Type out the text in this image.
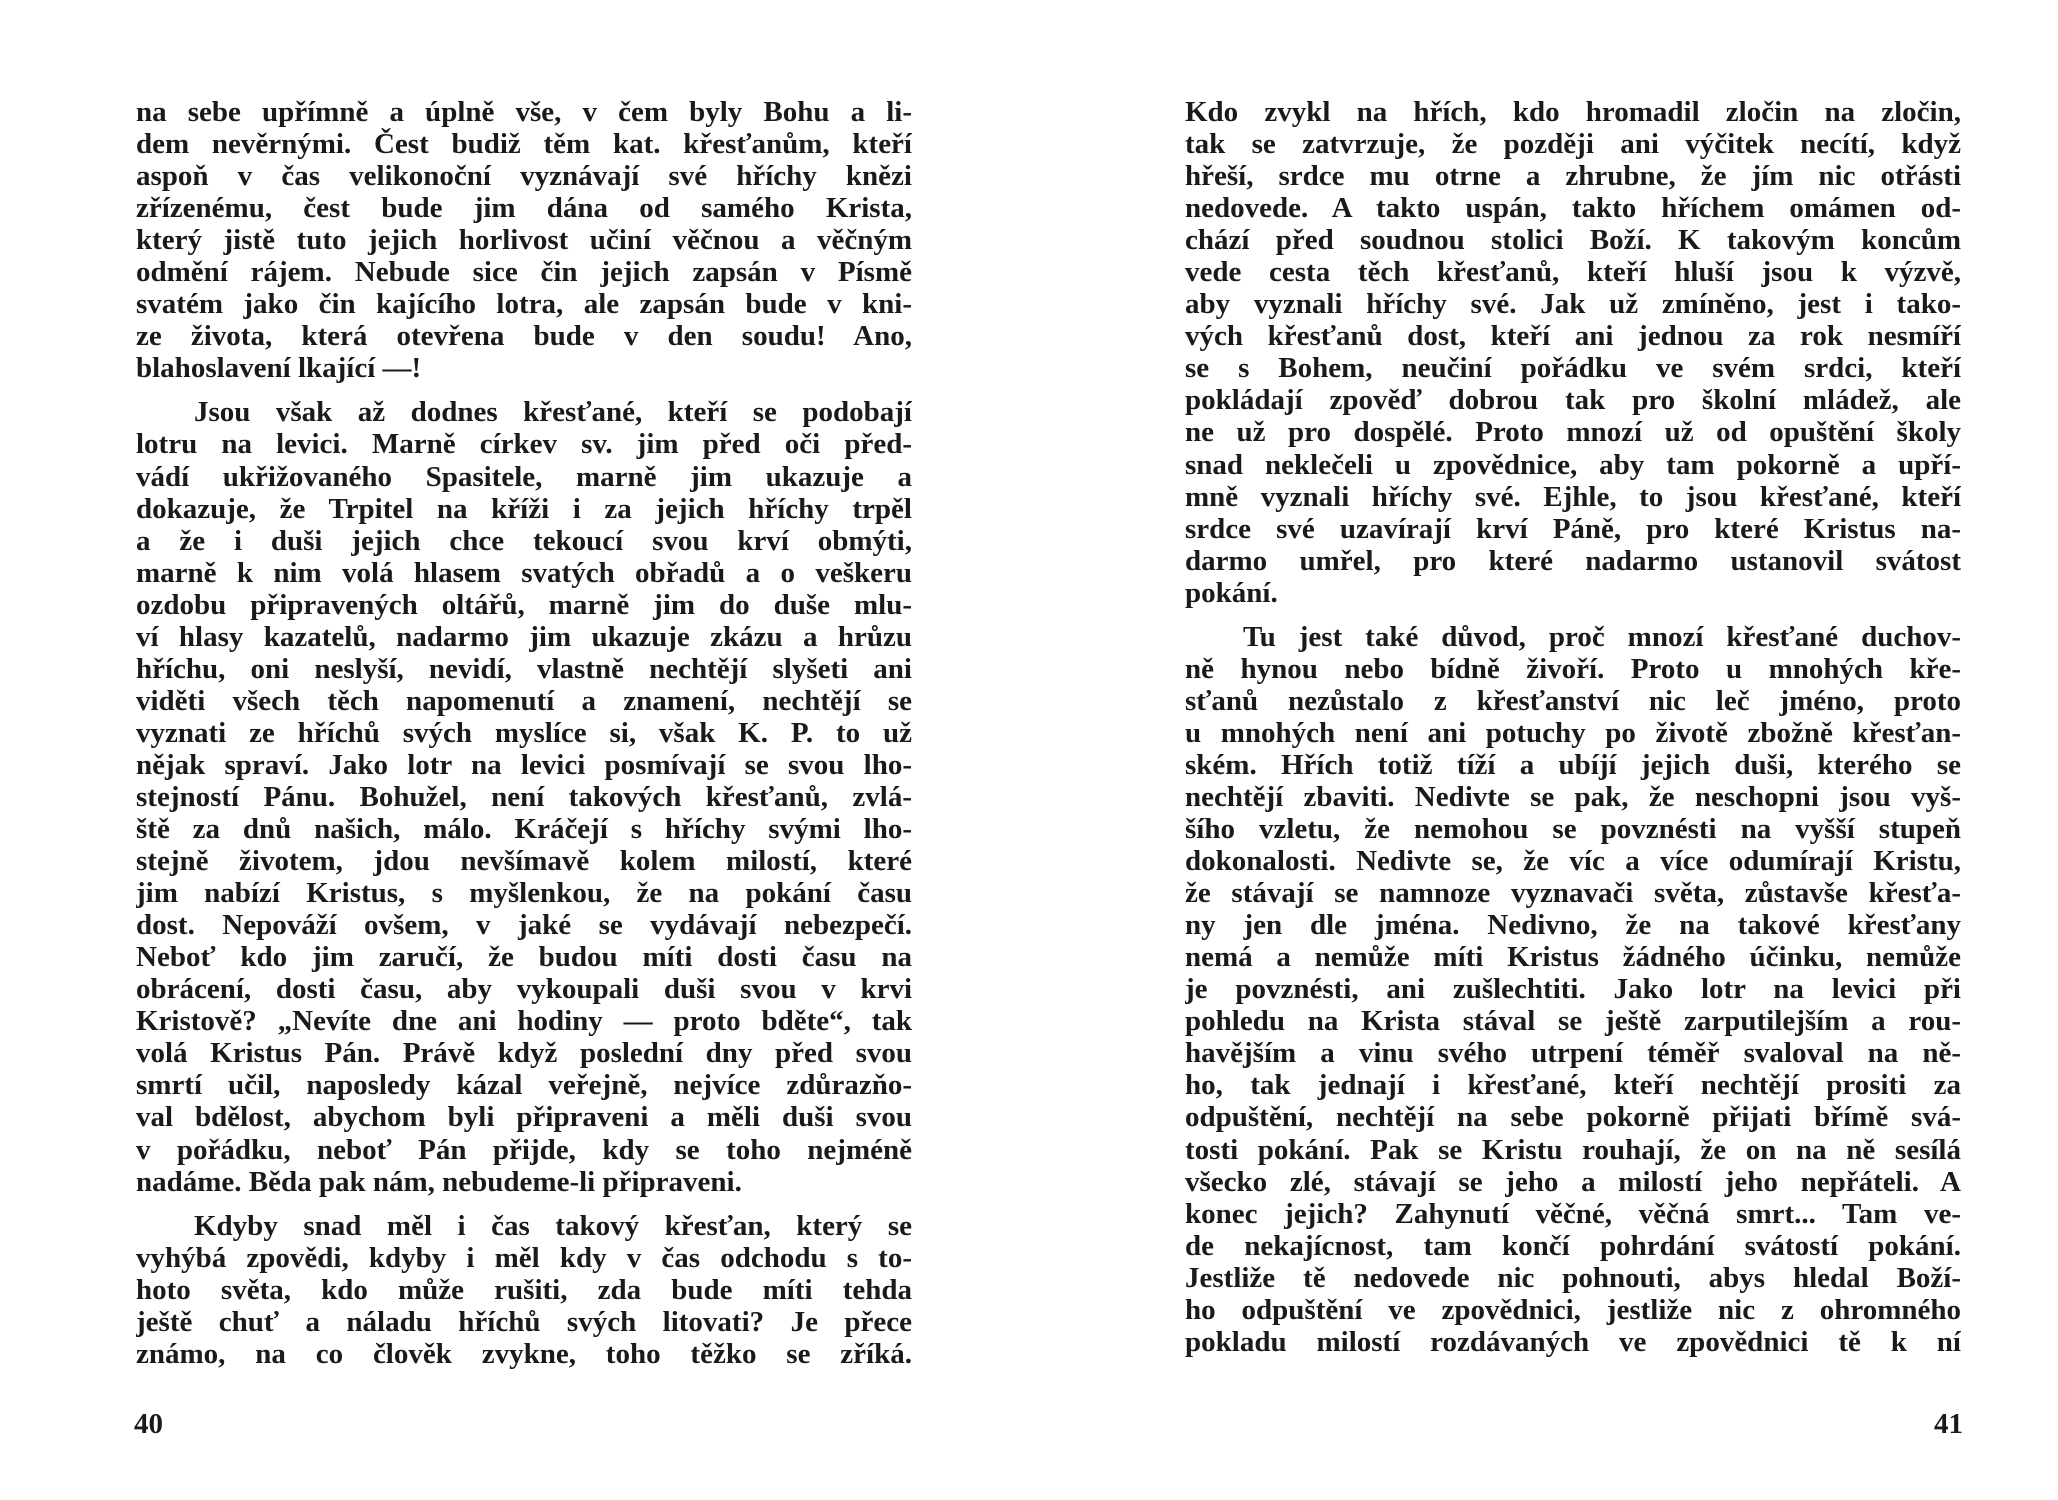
na sebe upřímně a úplně vše, v čem byly Bohu a li-
dem nevěrnými. Čest budiž těm kat. křesťanům, kteří
aspoň v čas velikonoční vyznávají své hříchy knězi
zřízenému, čest bude jim dána od samého Krista,
který jistě tuto jejich horlivost učiní věčnou a věčným
odmění rájem. Nebude sice čin jejich zapsán v Písmě
svatém jako čin kajícího lotra, ale zapsán bude v kni-
ze života, která otevřena bude v den soudu! Ano,
blahoslavení lkající —!
Jsou však až dodnes křesťané, kteří se podobají
lotru na levici. Marně církev sv. jim před oči před-
vádí ukřižovaného Spasitele, marně jim ukazuje a
dokazuje, že Trpitel na kříži i za jejich hříchy trpěl
a že i duši jejich chce tekoucí svou krví obmýti,
marně k nim volá hlasem svatých obřadů a o veškeru
ozdobu připravených oltářů, marně jim do duše mlu-
ví hlasy kazatelů, nadarmo jim ukazuje zkázu a hrůzu
hříchu, oni neslyší, nevidí, vlastně nechtějí slyšeti ani
viděti všech těch napomenutí a znamení, nechtějí se
vyznati ze hříchů svých myslíce si, však K. P. to už
nějak spraví. Jako lotr na levici posmívají se svou lho-
stejností Pánu. Bohužel, není takových křesťanů, zvlá-
ště za dnů našich, málo. Kráčejí s hříchy svými lho-
stejně životem, jdou nevšímavě kolem milostí, které
jim nabízí Kristus, s myšlenkou, že na pokání času
dost. Nepováží ovšem, v jaké se vydávají nebezpečí.
Neboť kdo jim zaručí, že budou míti dosti času na
obrácení, dosti času, aby vykoupali duši svou v krvi
Kristově? „Nevíte dne ani hodiny — proto bděte“, tak
volá Kristus Pán. Právě když poslední dny před svou
smrtí učil, naposledy kázal veřejně, nejvíce zdůrazňo-
val bdělost, abychom byli připraveni a měli duši svou
v pořádku, neboť Pán přijde, kdy se toho nejméně
nadáme. Běda pak nám, nebudeme-li připraveni.
Kdyby snad měl i čas takový křesťan, který se
vyhýbá zpovědi, kdyby i měl kdy v čas odchodu s to-
hoto světa, kdo může rušiti, zda bude míti tehda
ještě chuť a náladu hříchů svých litovati? Je přece
známo, na co člověk zvykne, toho těžko se zříká.
40
Kdo zvykl na hřích, kdo hromadil zločin na zločin,
tak se zatvrzuje, že později ani výčitek necítí, když
hřeší, srdce mu otrne a zhrubne, že jím nic otřásti
nedovede. A takto uspán, takto hříchem omámen od-
chází před soudnou stolici Boží. K takovým koncům
vede cesta těch křesťanů, kteří hluší jsou k výzvě,
aby vyznali hříchy své. Jak už zmíněno, jest i tako-
vých křesťanů dost, kteří ani jednou za rok nesmíří
se s Bohem, neučiní pořádku ve svém srdci, kteří
pokládají zpověď dobrou tak pro školní mládež, ale
ne už pro dospělé. Proto mnozí už od opuštění školy
snad neklečeli u zpovědnice, aby tam pokorně a upří-
mně vyznali hříchy své. Ejhle, to jsou křesťané, kteří
srdce své uzavírají krví Páně, pro které Kristus na-
darmo umřel, pro které nadarmo ustanovil svátost
pokání.
Tu jest také důvod, proč mnozí křesťané duchov-
ně hynou nebo bídně živoří. Proto u mnohých kře-
sťanů nezůstalo z křesťanství nic leč jméno, proto
u mnohých není ani potuchy po životě zbožně křesťan-
ském. Hřích totiž tíží a ubíjí jejich duši, kterého se
nechtějí zbaviti. Nedivte se pak, že neschopni jsou vyš-
šího vzletu, že nemohou se povznésti na vyšší stupeň
dokonalosti. Nedivte se, že víc a více odumírají Kristu,
že stávají se namnoze vyznavači světa, zůstavše křesťa-
ny jen dle jména. Nedivno, že na takové křesťany
nemá a nemůže míti Kristus žádného účinku, nemůže
je povznésti, ani zušlechtiti. Jako lotr na levici při
pohledu na Krista stával se ještě zarputilejším a rou-
havějším a vinu svého utrpení téměř svaloval na ně-
ho, tak jednají i křesťané, kteří nechtějí prositi za
odpuštění, nechtějí na sebe pokorně přijati břímě svá-
tosti pokání. Pak se Kristu rouhají, že on na ně sesílá
všecko zlé, stávají se jeho a milostí jeho nepřáteli. A
konec jejich? Zahynutí věčné, věčná smrt... Tam ve-
de nekajícnost, tam končí pohrdání svátostí pokání.
Jestliže tě nedovede nic pohnouti, abys hledal Boží-
ho odpuštění ve zpovědnici, jestliže nic z ohromného
pokladu milostí rozdávaných ve zpovědnici tě k ní
41
